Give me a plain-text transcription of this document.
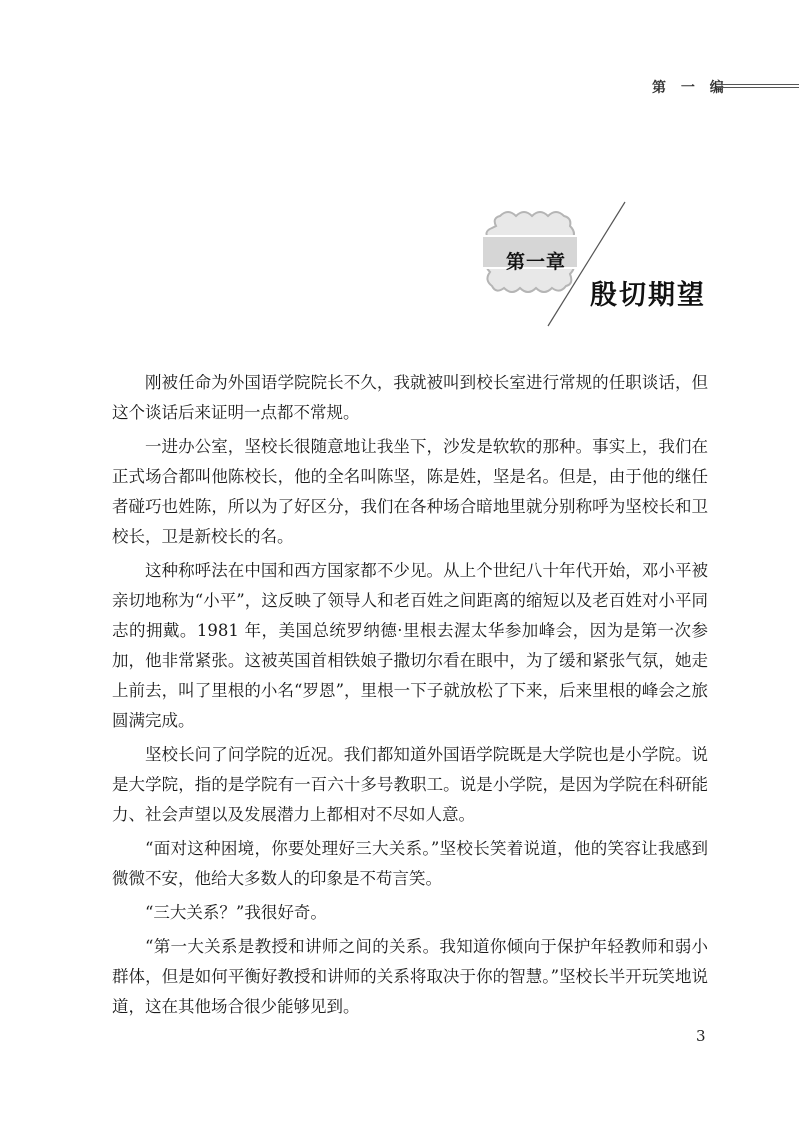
第 一 编
第一章
殷切期望

刚被任命为外国语学院院长不久，我就被叫到校长室进行常规的任职谈话，但这个谈话后来证明一点都不常规。

一进办公室，坚校长很随意地让我坐下，沙发是软软的那种。事实上，我们在正式场合都叫他陈校长，他的全名叫陈坚，陈是姓，坚是名。但是，由于他的继任者碰巧也姓陈，所以为了好区分，我们在各种场合暗地里就分别称呼为坚校长和卫校长，卫是新校长的名。

这种称呼法在中国和西方国家都不少见。从上个世纪八十年代开始，邓小平被亲切地称为“小平”，这反映了领导人和老百姓之间距离的缩短以及老百姓对小平同志的拥戴。1981 年，美国总统罗纳德·里根去渥太华参加峰会，因为是第一次参加，他非常紧张。这被英国首相铁娘子撒切尔看在眼中，为了缓和紧张气氛，她走上前去，叫了里根的小名“罗恩”，里根一下子就放松了下来，后来里根的峰会之旅圆满完成。

坚校长问了问学院的近况。我们都知道外国语学院既是大学院也是小学院。说是大学院，指的是学院有一百六十多号教职工。说是小学院，是因为学院在科研能力、社会声望以及发展潜力上都相对不尽如人意。

“面对这种困境，你要处理好三大关系。”坚校长笑着说道，他的笑容让我感到微微不安，他给大多数人的印象是不苟言笑。

“三大关系？”我很好奇。

“第一大关系是教授和讲师之间的关系。我知道你倾向于保护年轻教师和弱小群体，但是如何平衡好教授和讲师的关系将取决于你的智慧。”坚校长半开玩笑地说道，这在其他场合很少能够见到。

3
